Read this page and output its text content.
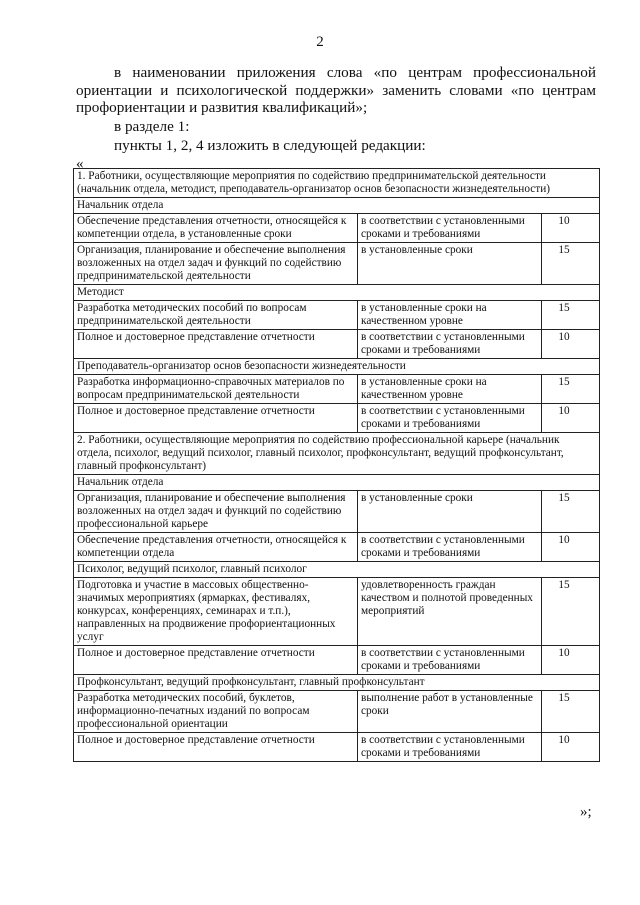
2

в наименовании приложения слова «по центрам профессиональной ориентации и психологической поддержки» заменить словами «по центрам профориентации и развития квалификаций»;

в разделе 1:

пункты 1, 2, 4 изложить в следующей редакции:

«
1. Работники, осуществляющие мероприятия по содействию предпринимательской деятельности (начальник отдела, методист, преподаватель-организатор основ безопасности жизнедеятельности)		
Начальник отдела		
Обеспечение представления отчетности, относящейся к компетенции отдела, в установленные сроки	в соответствии с установленными сроками и требованиями	10
Организация, планирование и обеспечение выполнения возложенных на отдел задач и функций по содействию предпринимательской деятельности	в установленные сроки	15
Методист		
Разработка методических пособий по вопросам предпринимательской деятельности	в установленные сроки на качественном уровне	15
Полное и достоверное представление отчетности	в соответствии с установленными сроками и требованиями	10
Преподаватель-организатор основ безопасности жизнедеятельности		
Разработка информационно-справочных материалов по вопросам предпринимательской деятельности	в установленные сроки на качественном уровне	15
Полное и достоверное представление отчетности	в соответствии с установленными сроками и требованиями	10
2. Работники, осуществляющие мероприятия по содействию профессиональной карьере (начальник отдела, психолог, ведущий психолог, главный психолог, профконсультант, ведущий профконсультант, главный профконсультант)		
Начальник отдела		
Организация, планирование и обеспечение выполнения возложенных на отдел задач и функций по содействию профессиональной карьере	в установленные сроки	15
Обеспечение представления отчетности, относящейся к компетенции отдела	в соответствии с установленными сроками и требованиями	10
Психолог, ведущий психолог, главный психолог		
Подготовка и участие в массовых общественно-значимых мероприятиях (ярмарках, фестивалях, конкурсах, конференциях, семинарах и т.п.), направленных на продвижение профориентационных услуг	удовлетворенность граждан качеством и полнотой проведенных мероприятий	15
Полное и достоверное представление отчетности	в соответствии с установленными сроками и требованиями	10
Профконсультант, ведущий профконсультант, главный профконсультант		
Разработка методических пособий, буклетов, информационно-печатных изданий по вопросам профессиональной ориентации	выполнение работ в установленные сроки	15
Полное и достоверное представление отчетности	в соответствии с установленными сроками и требованиями	10
»;
